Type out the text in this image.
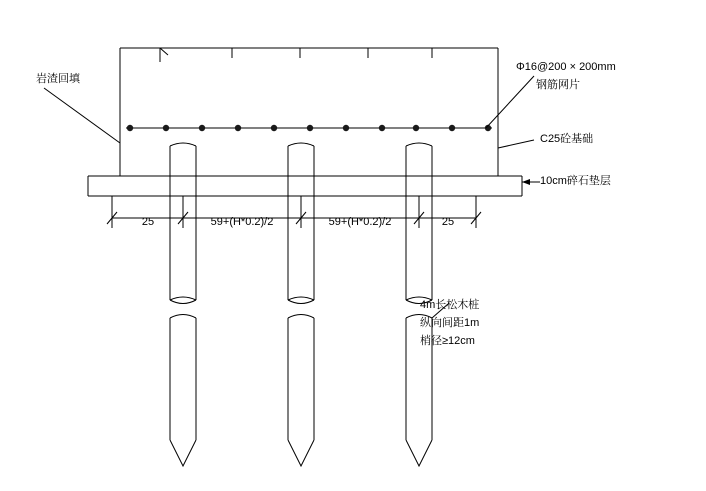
岩渣回填
Φ16@200 × 200mm
钢筋网片
C25砼基础
10cm碎石垫层
4m长松木桩
纵向间距1m
梢径≥12cm
25	59+(H*0.2)/2	59+(H*0.2)/2	25
